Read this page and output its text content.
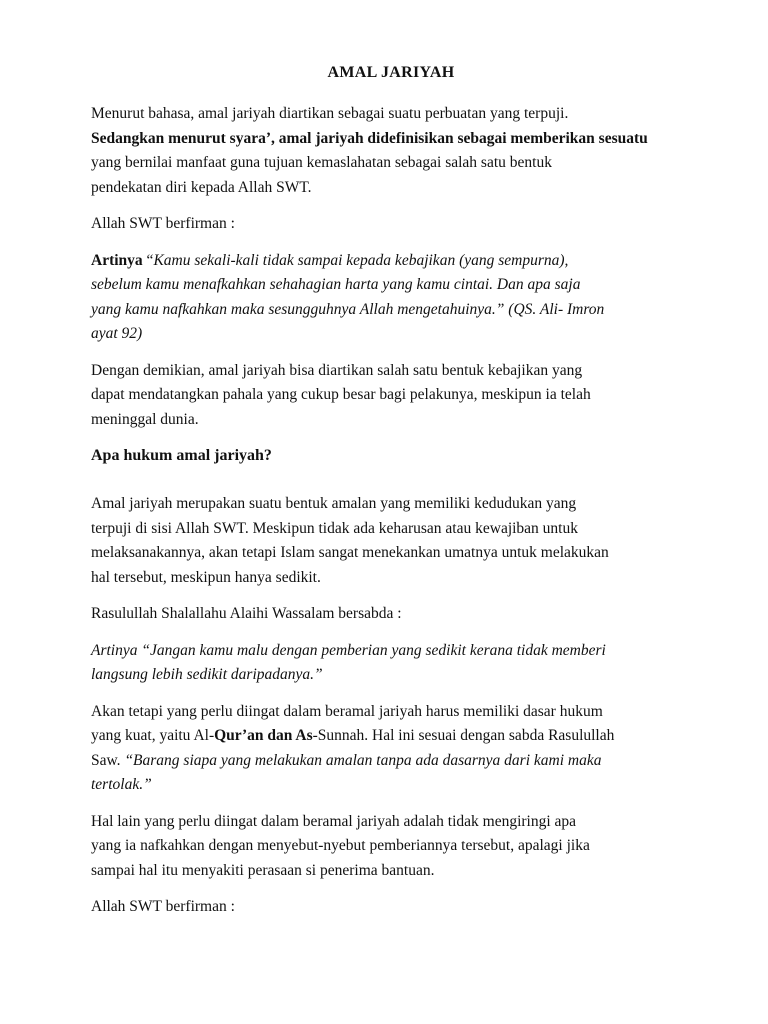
AMAL JARIYAH

Menurut bahasa, amal jariyah diartikan sebagai suatu perbuatan yang terpuji.

Sedangkan menurut syara’, amal jariyah didefinisikan sebagai memberikan sesuatu

yang bernilai manfaat guna tujuan kemaslahatan sebagai salah satu bentuk

pendekatan diri kepada Allah SWT.

Allah SWT berfirman :

Artinya “Kamu sekali-kali tidak sampai kepada kebajikan (yang sempurna),

sebelum kamu menafkahkan sehahagian harta yang kamu cintai. Dan apa saja

yang kamu nafkahkan maka sesungguhnya Allah mengetahuinya.” (QS. Ali- Imron

ayat 92)

Dengan demikian, amal jariyah bisa diartikan salah satu bentuk kebajikan yang

dapat mendatangkan pahala yang cukup besar bagi pelakunya, meskipun ia telah

meninggal dunia.

Apa hukum amal jariyah?

Amal jariyah merupakan suatu bentuk amalan yang memiliki kedudukan yang

terpuji di sisi Allah SWT. Meskipun tidak ada keharusan atau kewajiban untuk

melaksanakannya, akan tetapi Islam sangat menekankan umatnya untuk melakukan

hal tersebut, meskipun hanya sedikit.

Rasulullah Shalallahu Alaihi Wassalam bersabda :

Artinya “Jangan kamu malu dengan pemberian yang sedikit kerana tidak memberi

langsung lebih sedikit daripadanya.”

Akan tetapi yang perlu diingat dalam beramal jariyah harus memiliki dasar hukum

yang kuat, yaitu Al-Qur’an dan As-Sunnah. Hal ini sesuai dengan sabda Rasulullah

Saw. “Barang siapa yang melakukan amalan tanpa ada dasarnya dari kami maka

tertolak.”

Hal lain yang perlu diingat dalam beramal jariyah adalah tidak mengiringi apa

yang ia nafkahkan dengan menyebut-nyebut pemberiannya tersebut, apalagi jika

sampai hal itu menyakiti perasaan si penerima bantuan.

Allah SWT berfirman :
